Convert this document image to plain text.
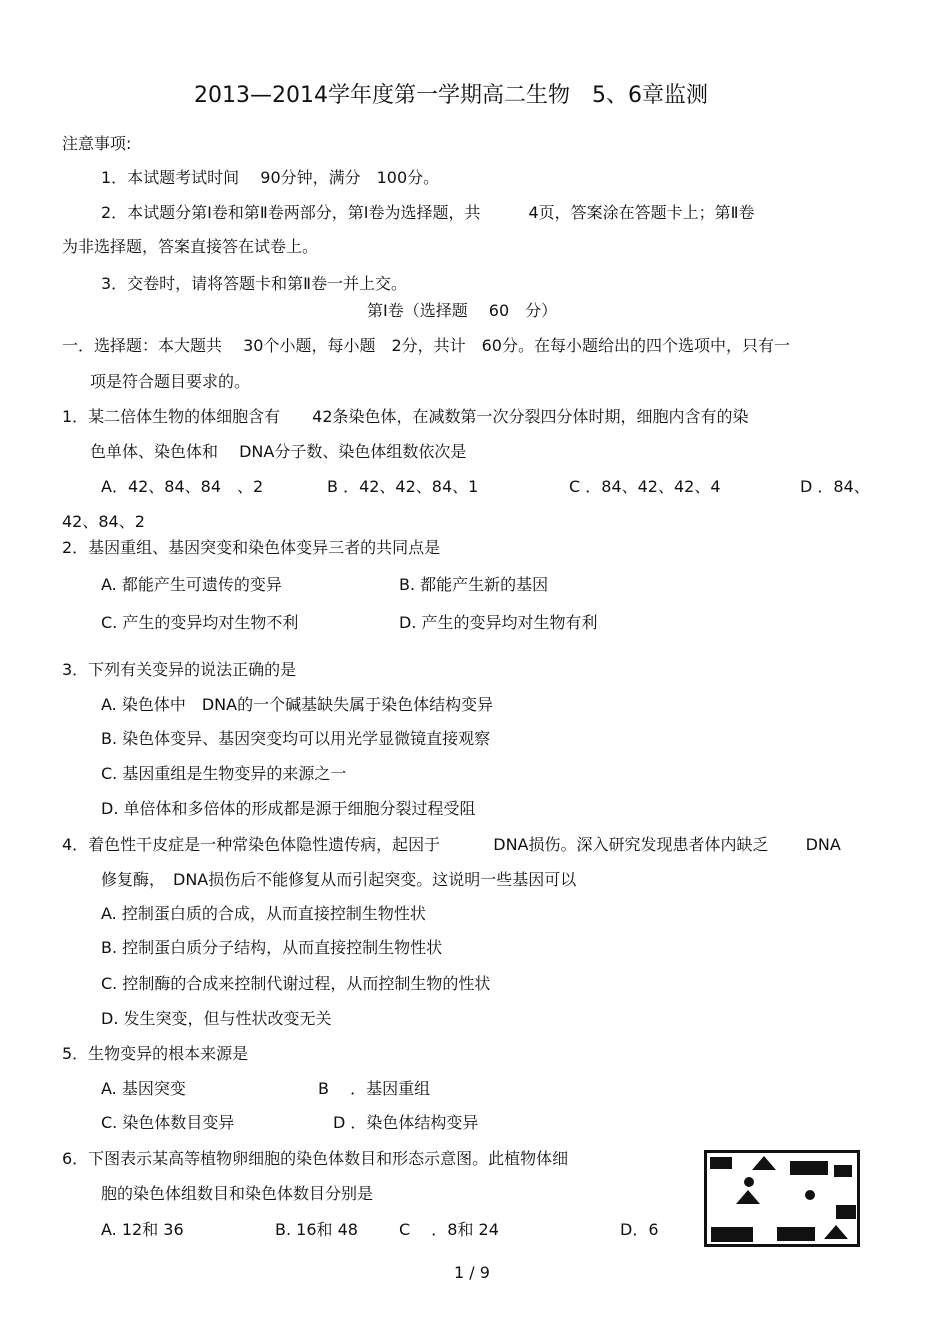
2013—2014学年度第一学期高二生物　5、6章监测
注意事项:
1．本试题考试时间　 90分钟，满分　100分。
2．本试题分第Ⅰ卷和第Ⅱ卷两部分，第Ⅰ卷为选择题，共　　　4页，答案涂在答题卡上；第Ⅱ卷
为非选择题，答案直接答在试卷上。
3．交卷时，请将答题卡和第Ⅱ卷一并上交。
第Ⅰ卷（选择题　 60　分）
一．选择题：本大题共　 30个小题，每小题　2分，共计　60分。在每小题给出的四个选项中，只有一
项是符合题目要求的。
1．某二倍体生物的体细胞含有　　42条染色体，在减数第一次分裂四分体时期，细胞内含有的染
色单体、染色体和　 DNA分子数、染色体组数依次是
A．42、84、84　、2	B ．42、42、84、1	C ．84、42、42、4	D ．84、
42、84、2
2．基因重组、基因突变和染色体变异三者的共同点是
A. 都能产生可遗传的变异	B. 都能产生新的基因
C. 产生的变异均对生物不利	D. 产生的变异均对生物有利
3．下列有关变异的说法正确的是
A. 染色体中　DNA的一个碱基缺失属于染色体结构变异
B. 染色体变异、基因突变均可以用光学显微镜直接观察
C. 基因重组是生物变异的来源之一
D. 单倍体和多倍体的形成都是源于细胞分裂过程受阻
4．着色性干皮症是一种常染色体隐性遗传病，起因于　　　 DNA损伤。深入研究发现患者体内缺乏　　 DNA
修复酶，　DNA损伤后不能修复从而引起突变。这说明一些基因可以
A. 控制蛋白质的合成，从而直接控制生物性状
B. 控制蛋白质分子结构，从而直接控制生物性状
C. 控制酶的合成来控制代谢过程，从而控制生物的性状
D. 发生突变，但与性状改变无关
5．生物变异的根本来源是
A. 基因突变	B　 ．基因重组
C. 染色体数目变异	D ．染色体结构变异
6．下图表示某高等植物卵细胞的染色体数目和形态示意图。此植物体细
胞的染色体组数目和染色体数目分别是
A. 12和 36	B. 16和 48	C　 ．8和 24	D．6
1 / 9
